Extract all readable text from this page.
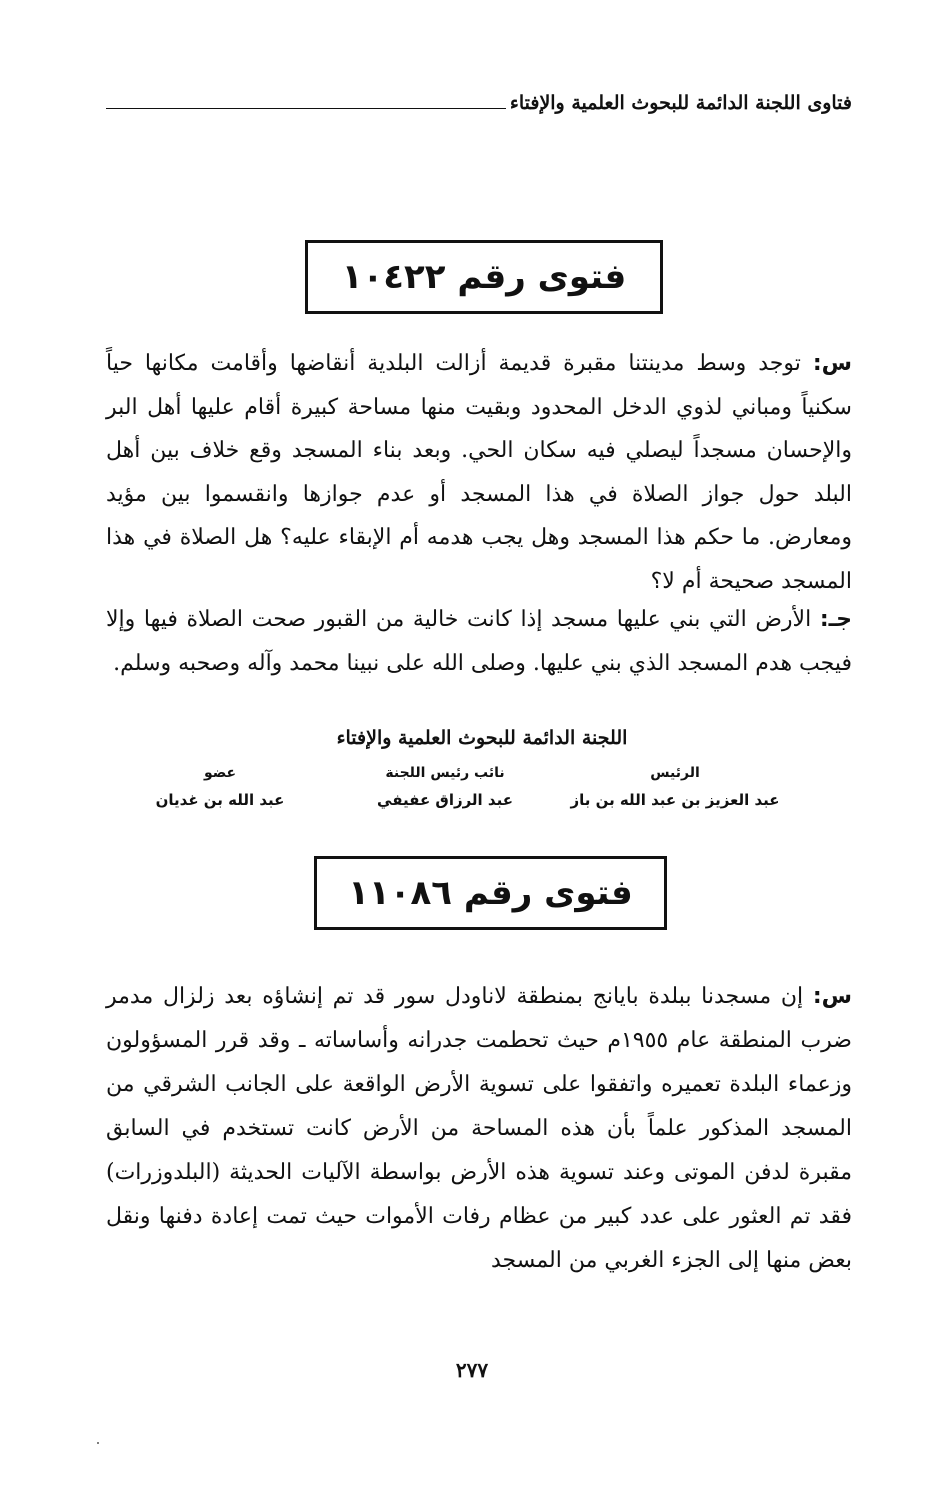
فتاوى اللجنة الدائمة للبحوث العلمية والإفتاء
فتوى رقم ١٠٤٢٢

س: توجد وسط مدينتنا مقبرة قديمة أزالت البلدية أنقاضها وأقامت مكانها حياً سكنياً ومباني لذوي الدخل المحدود وبقيت منها مساحة كبيرة أقام عليها أهل البر والإحسان مسجداً ليصلي فيه سكان الحي. وبعد بناء المسجد وقع خلاف بين أهل البلد حول جواز الصلاة في هذا المسجد أو عدم جوازها وانقسموا بين مؤيد ومعارض. ما حكم هذا المسجد وهل يجب هدمه أم الإبقاء عليه؟ هل الصلاة في هذا المسجد صحيحة أم لا؟

جـ: الأرض التي بني عليها مسجد إذا كانت خالية من القبور صحت الصلاة فيها وإلا فيجب هدم المسجد الذي بني عليها. وصلى الله على نبينا محمد وآله وصحبه وسلم.

اللجنة الدائمة للبحوث العلمية والإفتاء
الرئيس
عبد العزيز بن عبد الله بن باز
نائب رئيس اللجنة
عبد الرزاق عفيفي
عضو
عبد الله بن غديان
فتوى رقم ١١٠٨٦

س: إن مسجدنا ببلدة بايانج بمنطقة لاناودل سور قد تم إنشاؤه بعد زلزال مدمر ضرب المنطقة عام ١٩٥٥م حيث تحطمت جدرانه وأساساته ـ وقد قرر المسؤولون وزعماء البلدة تعميره واتفقوا على تسوية الأرض الواقعة على الجانب الشرقي من المسجد المذكور علماً بأن هذه المساحة من الأرض كانت تستخدم في السابق مقبرة لدفن الموتى وعند تسوية هذه الأرض بواسطة الآليات الحديثة (البلدوزرات) فقد تم العثور على عدد كبير من عظام رفات الأموات حيث تمت إعادة دفنها ونقل بعض منها إلى الجزء الغربي من المسجد

٢٧٧
